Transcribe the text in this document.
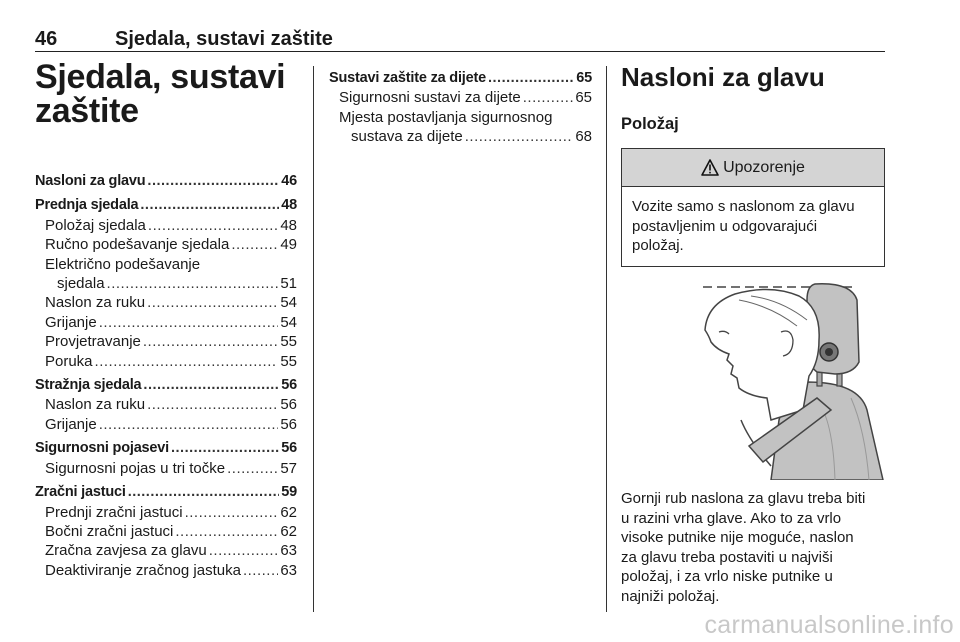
46	Sjedala, sustavi zaštite
Sjedala, sustavi
zaštite
Nasloni za glavu .....	46
Prednja sjedala .....	48
Položaj sjedala .....	48
Ručno podešavanje sjedala .....	49
Električno podešavanje
sjedala .....	51
Naslon za ruku .....	54
Grijanje .....	54
Provjetravanje .....	55
Poruka .....	55
Stražnja sjedala .....	56
Naslon za ruku .....	56
Grijanje .....	56
Sigurnosni pojasevi .....	56
Sigurnosni pojas u tri točke .....	57
Zračni jastuci .....	59
Prednji zračni jastuci .....	62
Bočni zračni jastuci .....	62
Zračna zavjesa za glavu .....	63
Deaktiviranje zračnog jastuka .....	63
Sustavi zaštite za dijete .....	65
Sigurnosni sustavi za dijete .....	65
Mjesta postavljanja sigurnosnog
sustava za dijete .....	68
Nasloni za glavu
Položaj
Upozorenje
Vozite samo s naslonom za glavu
postavljenim u odgovarajući
položaj.
Gornji rub naslona za glavu treba biti
u razini vrha glave. Ako to za vrlo
visoke putnike nije moguće, naslon
za glavu treba postaviti u najviši
položaj, i za vrlo niske putnike u
najniži položaj.
carmanualsonline.info
